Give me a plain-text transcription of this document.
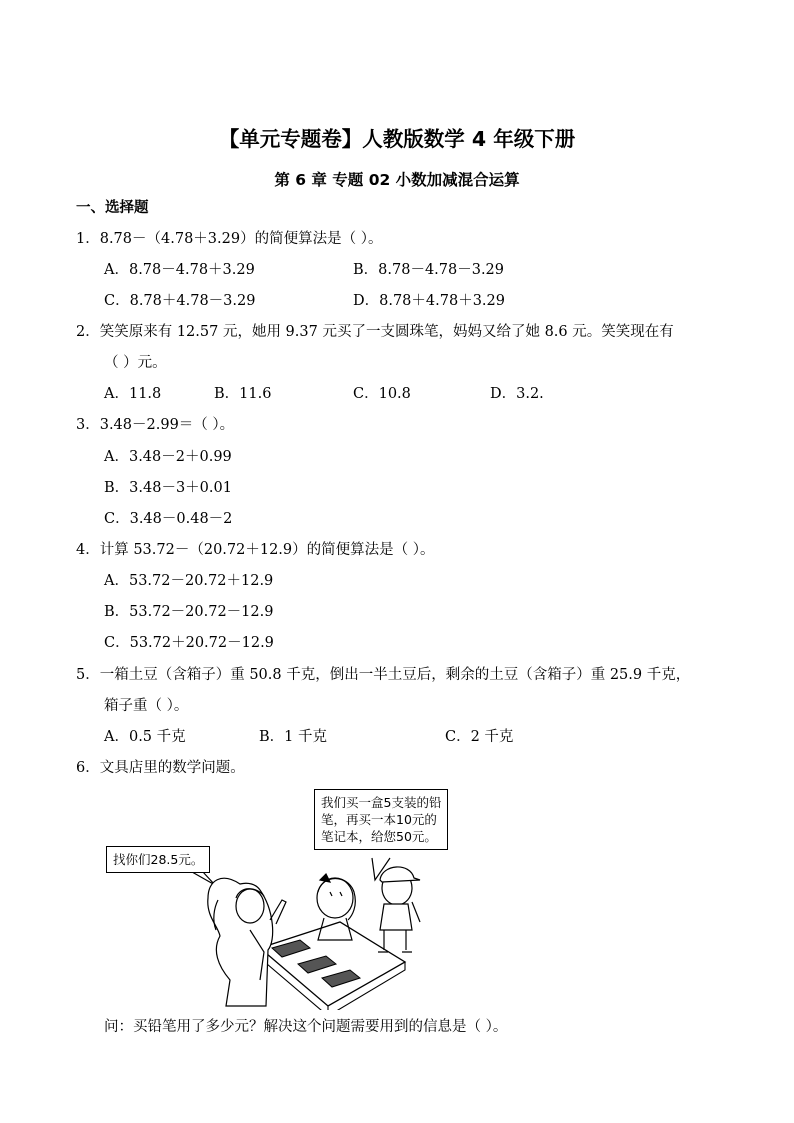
【单元专题卷】人教版数学 4 年级下册
第 6 章 专题 02 小数加减混合运算
一、选择题
1．8.78－（4.78＋3.29）的简便算法是（ ）。
A．8.78－4.78＋3.29	B．8.78－4.78－3.29
C．8.78＋4.78－3.29	D．8.78＋4.78＋3.29
2．笑笑原来有 12.57 元，她用 9.37 元买了一支圆珠笔，妈妈又给了她 8.6 元。笑笑现在有
（ ）元。
A．11.8	B．11.6	C．10.8	D．3.2.
3．3.48－2.99＝（ ）。
A．3.48－2＋0.99
B．3.48－3＋0.01
C．3.48－0.48－2
4．计算 53.72－（20.72＋12.9）的简便算法是（ ）。
A．53.72－20.72＋12.9
B．53.72－20.72－12.9
C．53.72＋20.72－12.9
5．一箱土豆（含箱子）重 50.8 千克，倒出一半土豆后，剩余的土豆（含箱子）重 25.9 千克，
箱子重（ ）。
A．0.5 千克	B．1 千克	C．2 千克
6．文具店里的数学问题。
找你们28.5元。
我们买一盒5支装的铅
笔，再买一本10元的
笔记本，给您50元。
问：买铅笔用了多少元？解决这个问题需要用到的信息是（ ）。
